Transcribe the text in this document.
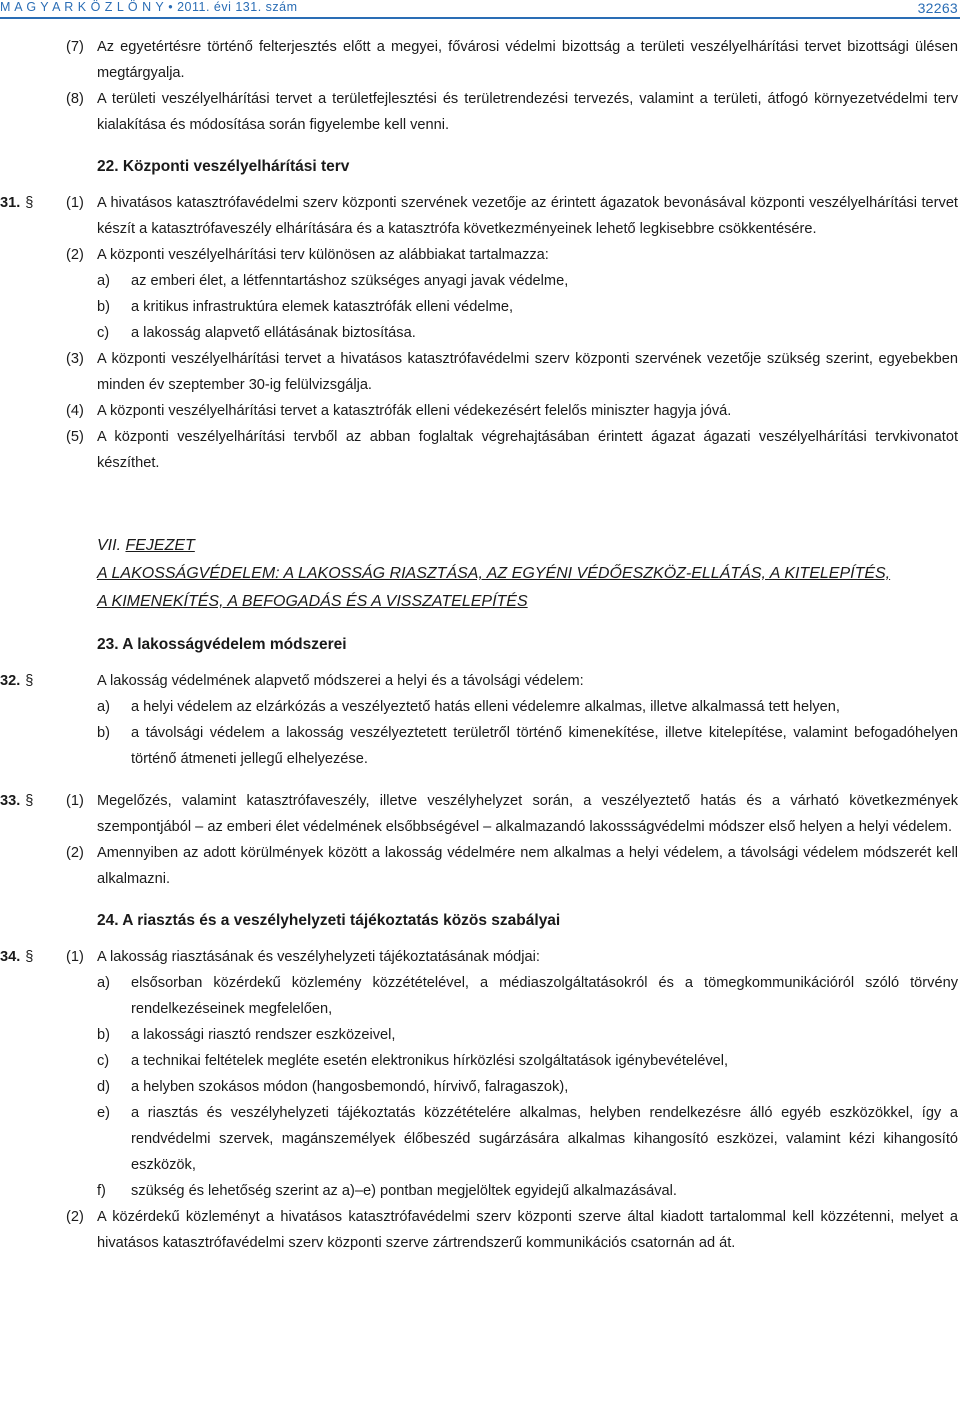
M A G Y A R K Ö Z L Ö N Y • 2011. évi 131. szám	32263
(7) Az egyetértésre történő felterjesztés előtt a megyei, fővárosi védelmi bizottság a területi veszélyelhárítási tervet bizottsági ülésen megtárgyalja.
(8) A területi veszélyelhárítási tervet a területfejlesztési és területrendezési tervezés, valamint a területi, átfogó környezetvédelmi terv kialakítása és módosítása során figyelembe kell venni.
22. Központi veszélyelhárítási terv
31. § (1) A hivatásos katasztrófavédelmi szerv központi szervének vezetője az érintett ágazatok bevonásával központi veszélyelhárítási tervet készít a katasztrófaveszély elhárítására és a katasztrófa következményeinek lehető legkisebbre csökkentésére.
(2) A központi veszélyelhárítási terv különösen az alábbiakat tartalmazza:
a) az emberi élet, a létfenntartáshoz szükséges anyagi javak védelme,
b) a kritikus infrastruktúra elemek katasztrófák elleni védelme,
c) a lakosság alapvető ellátásának biztosítása.
(3) A központi veszélyelhárítási tervet a hivatásos katasztrófavédelmi szerv központi szervének vezetője szükség szerint, egyebekben minden év szeptember 30-ig felülvizsgálja.
(4) A központi veszélyelhárítási tervet a katasztrófák elleni védekezésért felelős miniszter hagyja jóvá.
(5) A központi veszélyelhárítási tervből az abban foglaltak végrehajtásában érintett ágazat ágazati veszélyelhárítási tervkivonatot készíthet.
VII. FEJEZET
A LAKOSSÁGVÉDELEM: A LAKOSSÁG RIASZTÁSA, AZ EGYÉNI VÉDŐESZKÖZ-ELLÁTÁS, A KITELEPÍTÉS,
A KIMENEKÍTÉS, A BEFOGADÁS ÉS A VISSZATELEPÍTÉS
23. A lakosságvédelem módszerei
32. §	A lakosság védelmének alapvető módszerei a helyi és a távolsági védelem:
a) a helyi védelem az elzárkózás a veszélyeztető hatás elleni védelemre alkalmas, illetve alkalmassá tett helyen,
b) a távolsági védelem a lakosság veszélyeztetett területről történő kimenekítése, illetve kitelepítése, valamint befogadóhelyen történő átmeneti jellegű elhelyezése.
33. § (1) Megelőzés, valamint katasztrófaveszély, illetve veszélyhelyzet során, a veszélyeztető hatás és a várható következmények szempontjából – az emberi élet védelmének elsőbbségével – alkalmazandó lakossságvédelmi módszer első helyen a helyi védelem.
(2) Amennyiben az adott körülmények között a lakosság védelmére nem alkalmas a helyi védelem, a távolsági védelem módszerét kell alkalmazni.
24. A riasztás és a veszélyhelyzeti tájékoztatás közös szabályai
34. § (1) A lakosság riasztásának és veszélyhelyzeti tájékoztatásának módjai:
a) elsősorban közérdekű közlemény közzétételével, a médiaszolgáltatásokról és a tömegkommunikációról szóló törvény rendelkezéseinek megfelelően,
b) a lakossági riasztó rendszer eszközeivel,
c) a technikai feltételek megléte esetén elektronikus hírközlési szolgáltatások igénybevételével,
d) a helyben szokásos módon (hangosbemondó, hírvivő, falragaszok),
e) a riasztás és veszélyhelyzeti tájékoztatás közzétételére alkalmas, helyben rendelkezésre álló egyéb eszközökkel, így a rendvédelmi szervek, magánszemélyek élőbeszéd sugárzására alkalmas kihangosító eszközei, valamint kézi kihangosító eszközök,
f) szükség és lehetőség szerint az a)–e) pontban megjelöltek egyidejű alkalmazásával.
(2) A közérdekű közleményt a hivatásos katasztrófavédelmi szerv központi szerve által kiadott tartalommal kell közzétenni, melyet a hivatásos katasztrófavédelmi szerv központi szerve zártrendszerű kommunikációs csatornán ad át.
